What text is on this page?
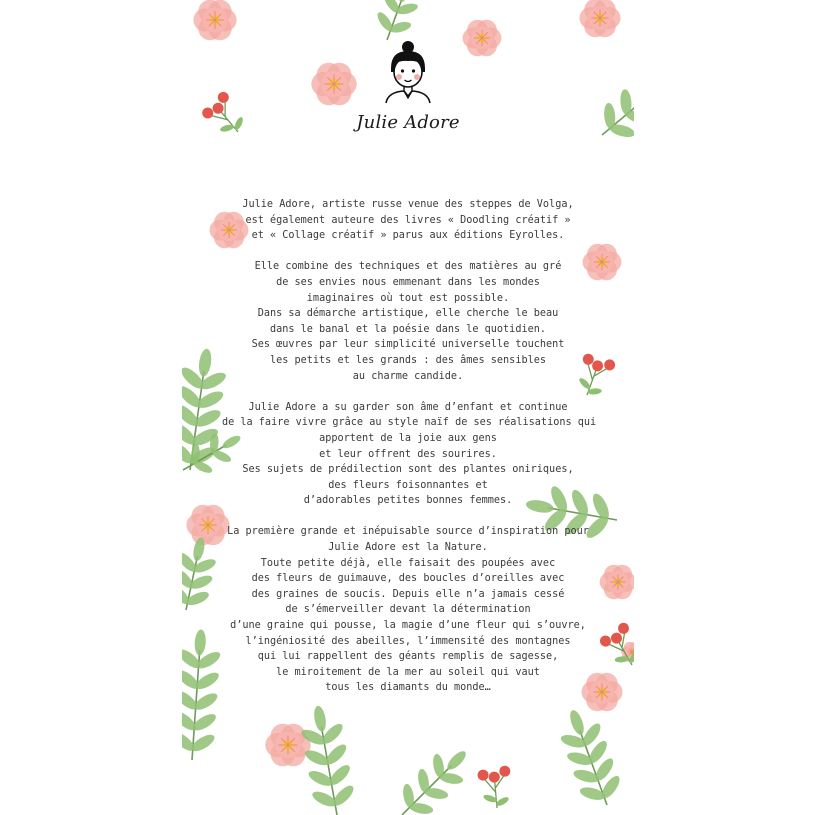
Julie Adore
Julie Adore, artiste russe venue des steppes de Volga,
est également auteure des livres « Doodling créatif »
et « Collage créatif » parus aux éditions Eyrolles.
Elle combine des techniques et des matières au gré
de ses envies nous emmenant dans les mondes
imaginaires où tout est possible.
Dans sa démarche artistique, elle cherche le beau
dans le banal et la poésie dans le quotidien.
Ses œuvres par leur simplicité universelle touchent
les petits et les grands : des âmes sensibles
au charme candide.
Julie Adore a su garder son âme d’enfant et continue
de la faire vivre grâce au style naïf de ses réalisations qui
apportent de la joie aux gens
et leur offrent des sourires.
Ses sujets de prédilection sont des plantes oniriques,
des fleurs foisonnantes et
d’adorables petites bonnes femmes.
La première grande et inépuisable source d’inspiration pour
Julie Adore est la Nature.
Toute petite déjà, elle faisait des poupées avec
des fleurs de guimauve, des boucles d’oreilles avec
des graines de soucis. Depuis elle n’a jamais cessé
de s’émerveiller devant la détermination
d’une graine qui pousse, la magie d’une fleur qui s’ouvre,
l’ingéniosité des abeilles, l’immensité des montagnes
qui lui rappellent des géants remplis de sagesse,
le miroitement de la mer au soleil qui vaut
tous les diamants du monde…
